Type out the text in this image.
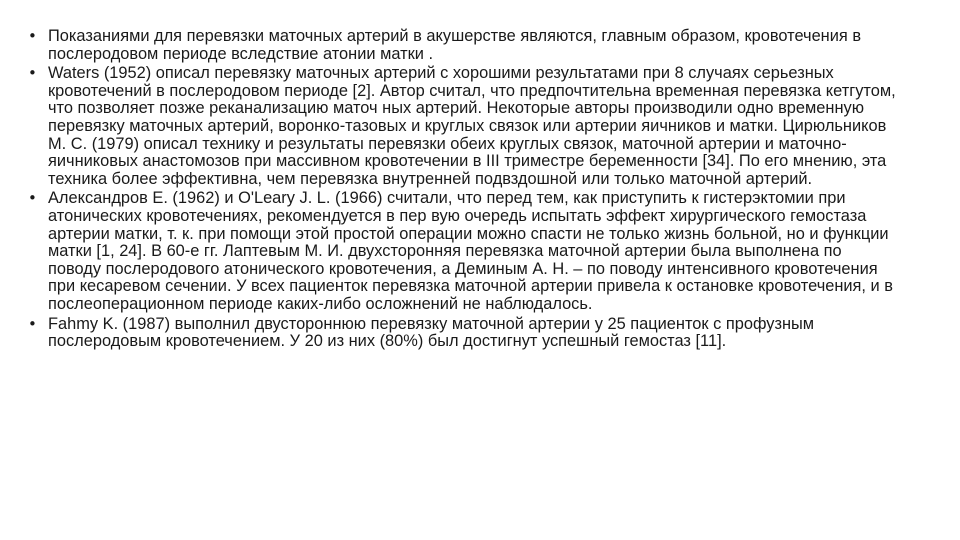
• Показаниями для перевязки маточных артерий в акушерстве являются, главным образом, кровотечения в послеродовом периоде вследствие атонии матки .
• Waters (1952) описал перевязку маточных артерий с хорошими результатами при 8 случаях серьезных кровотечений в послеродовом периоде [2]. Автор считал, что предпочтительна временная перевязка кетгутом, что позволяет позже реканализацию маточ ных артерий. Некоторые авторы производили одно временную перевязку маточных артерий, воронко-тазовых и круглых связок или артерии яичников и матки. Цирюльников М. С. (1979) описал технику и результаты перевязки обеих круглых связок, маточной артерии и маточно-яичниковых анастомозов при массивном кровотечении в III триместре беременности [34]. По его мнению, эта техника более эффективна, чем перевязка внутренней подвздошной или только маточной артерий.
• Александров Е. (1962) и O'Leary J. L. (1966) считали, что перед тем, как приступить к гистерэктомии при атонических кровотечениях, рекомендуется в пер вую очередь испытать эффект хирургического гемостаза артерии матки, т. к. при помощи этой простой операции можно спасти не только жизнь больной, но и функции матки [1, 24]. В 60-е гг. Лаптевым М. И. двухсторонняя перевязка маточной артерии была выполнена по поводу послеродового атонического кровотечения, а Деминым А. Н. – по поводу интенсивного кровотечения при кесаревом сечении. У всех пациенток перевязка маточной артерии привела к остановке кровотечения, и в послеоперационном периоде каких-либо осложнений не наблюдалось.
• Fahmy K. (1987) выполнил двустороннюю перевязку маточной артерии у 25 пациенток с профузным послеродовым кровотечением. У 20 из них (80%) был достигнут успешный гемостаз [11].
